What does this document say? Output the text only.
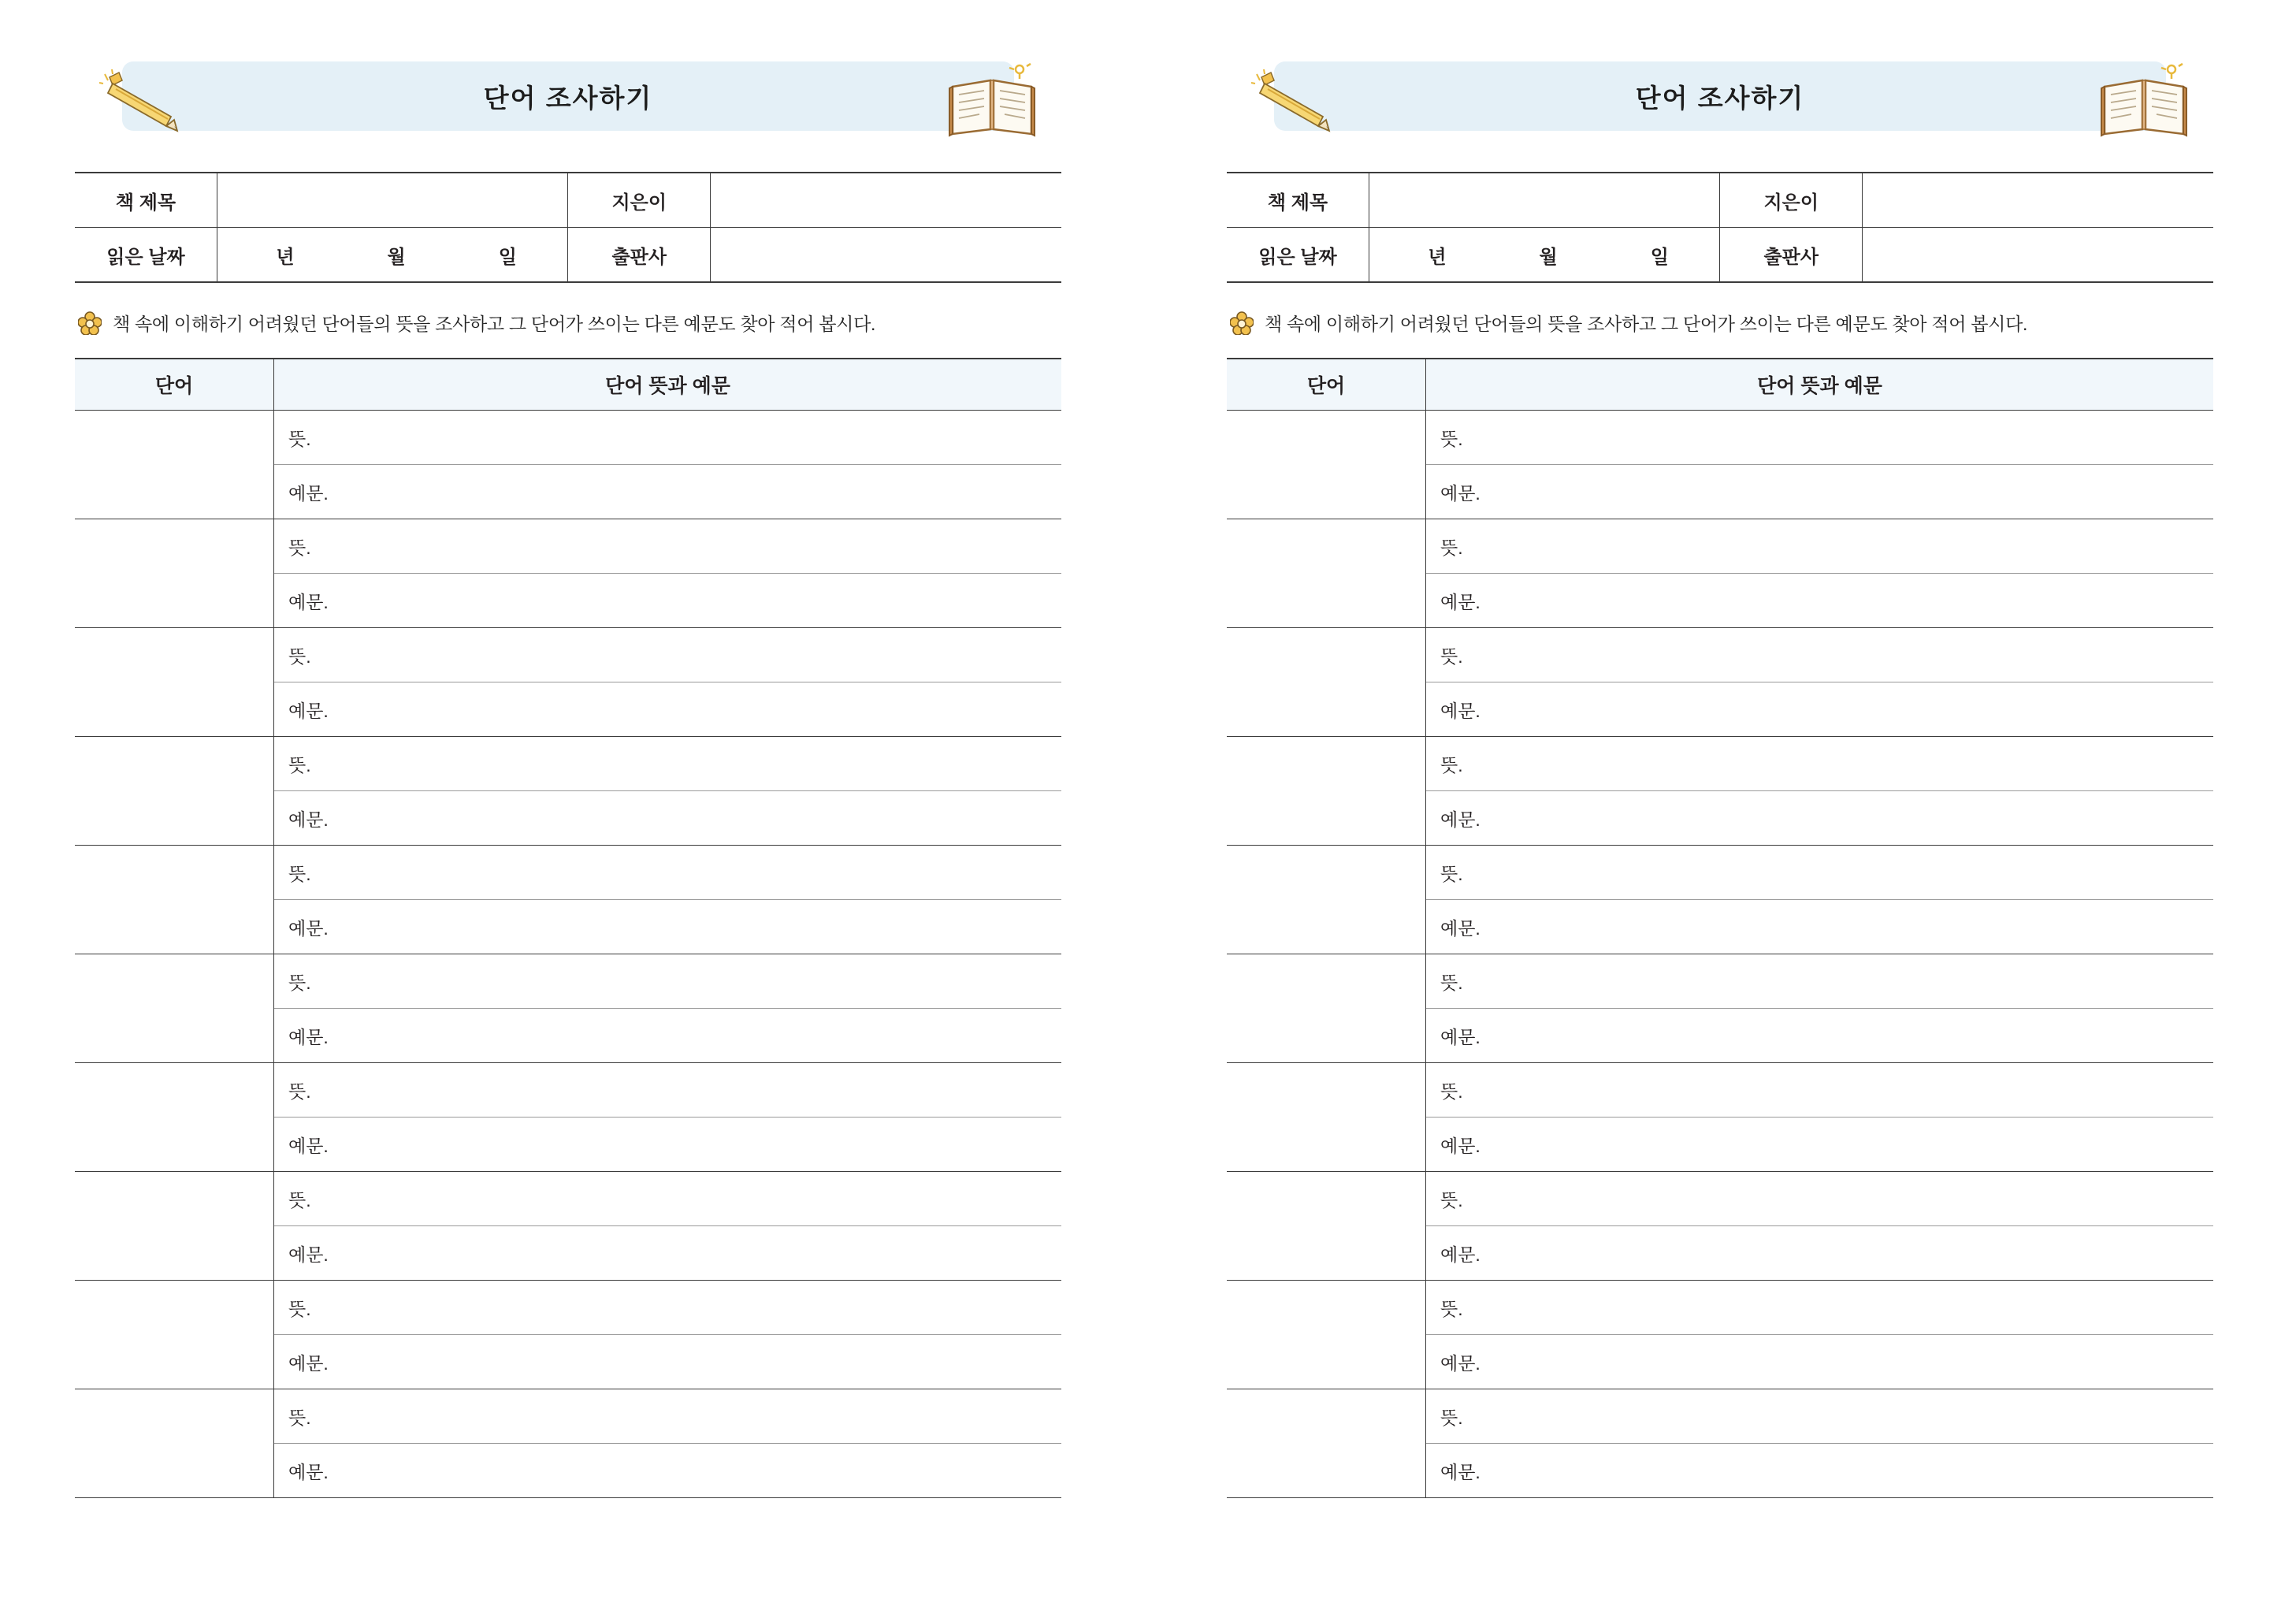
단어 조사하기
책 제목		지은이	
읽은 날짜	년 월 일	출판사	
책 속에 이해하기 어려웠던 단어들의 뜻을 조사하고 그 단어가 쓰이는 다른 예문도 찾아 적어 봅시다.
단어	단어 뜻과 예문
	뜻.
	예문.
	뜻.
	예문.
	뜻.
	예문.
	뜻.
	예문.
	뜻.
	예문.
	뜻.
	예문.
	뜻.
	예문.
	뜻.
	예문.
	뜻.
	예문.
	뜻.
	예문.
단어 조사하기
책 제목		지은이	
읽은 날짜	년 월 일	출판사	
책 속에 이해하기 어려웠던 단어들의 뜻을 조사하고 그 단어가 쓰이는 다른 예문도 찾아 적어 봅시다.
단어	단어 뜻과 예문
	뜻.
	예문.
	뜻.
	예문.
	뜻.
	예문.
	뜻.
	예문.
	뜻.
	예문.
	뜻.
	예문.
	뜻.
	예문.
	뜻.
	예문.
	뜻.
	예문.
	뜻.
	예문.
